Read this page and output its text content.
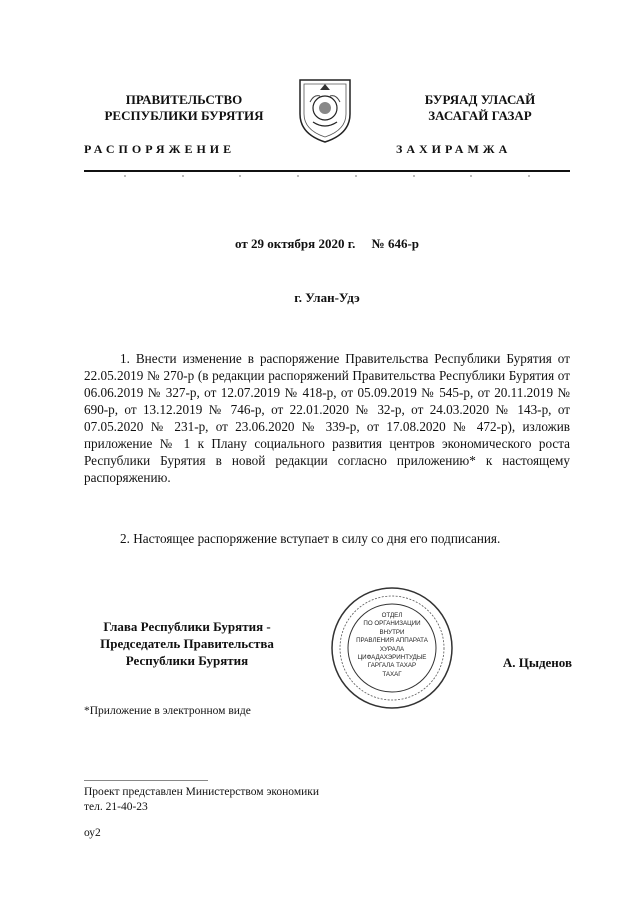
ПРАВИТЕЛЬСТВО
РЕСПУБЛИКИ БУРЯТИЯ
БУРЯАД УЛАСАЙ
ЗАСАГАЙ ГАЗАР
РАСПОРЯЖЕНИЕ	ЗАХИРАМЖА
от 29 октября 2020 г.     № 646-р
г. Улан-Удэ
1. Внести изменение в распоряжение Правительства Республики Бурятия от 22.05.2019 № 270-р (в редакции распоряжений Правительства Республики Бурятия от 06.06.2019 № 327-р, от 12.07.2019 № 418-р, от 05.09.2019 № 545-р, от 20.11.2019 № 690-р, от 13.12.2019 № 746-р, от 22.01.2020 № 32-р, от 24.03.2020 № 143-р, от 07.05.2020 № 231-р, от 23.06.2020 № 339-р, от 17.08.2020 № 472-р), изложив приложение № 1 к Плану социального развития центров экономического роста Республики Бурятия в новой редакции согласно приложению* к настоящему распоряжению.
2. Настоящее распоряжение вступает в силу со дня его подписания.
Глава Республики Бурятия -
Председатель Правительства
Республики Бурятия
ОТДЕЛ
ПО ОРГАНИЗАЦИИ
ВНУТРИ
ПРАВЛЕНИЯ АППАРАТА
ХУРАЛА
ЦИФАДАХЭРИНТУДЫЕ
ГАРГАЛА ТАХАР
ТАХАГ
А. Цыденов
*Приложение в электронном виде
Проект представлен Министерством экономики
тел. 21-40-23
оу2
